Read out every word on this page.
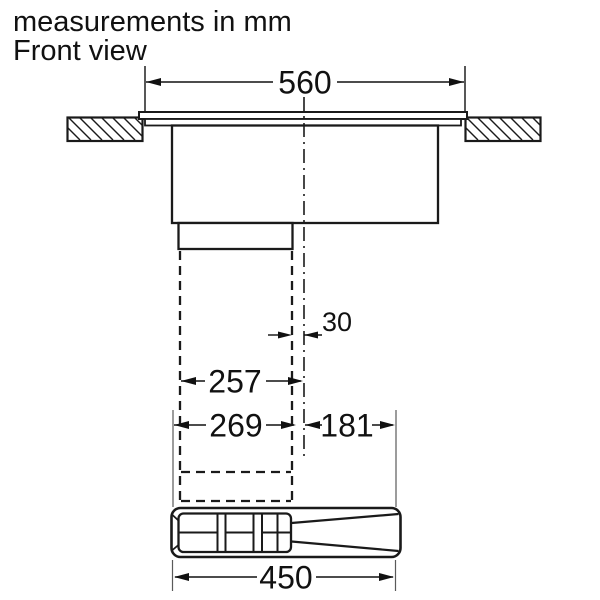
measurements in mm
Front view
560
30
257
269 181
450
